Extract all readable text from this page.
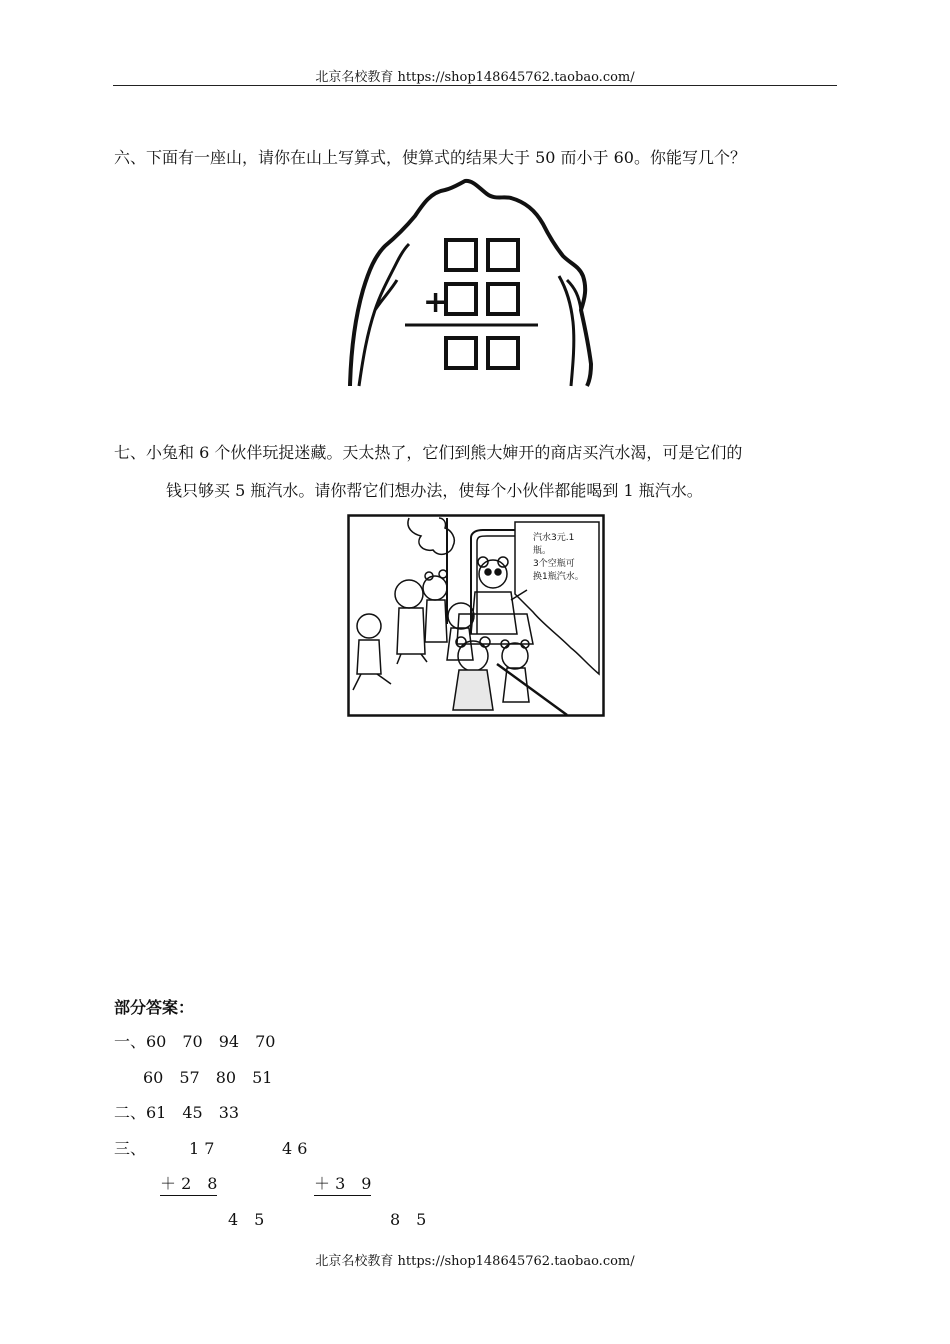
北京名校教育 https://shop148645762.taobao.com/
六、下面有一座山，请你在山上写算式，使算式的结果大于 50 而小于 60。你能写几个？
+
七、小兔和 6 个伙伴玩捉迷藏。天太热了，它们到熊大婶开的商店买汽水渴，可是它们的
钱只够买 5 瓶汽水。请你帮它们想办法，使每个小伙伴都能喝到 1 瓶汽水。
汽水3元.1
瓶。
3个空瓶可
换1瓶汽水。
部分答案：
一、60　70　94　70
60　57　80　51
二、61　45　33
三、	1 7
＋ 2　8
4　5
4 6
＋ 3　9
8　5
北京名校教育 https://shop148645762.taobao.com/
